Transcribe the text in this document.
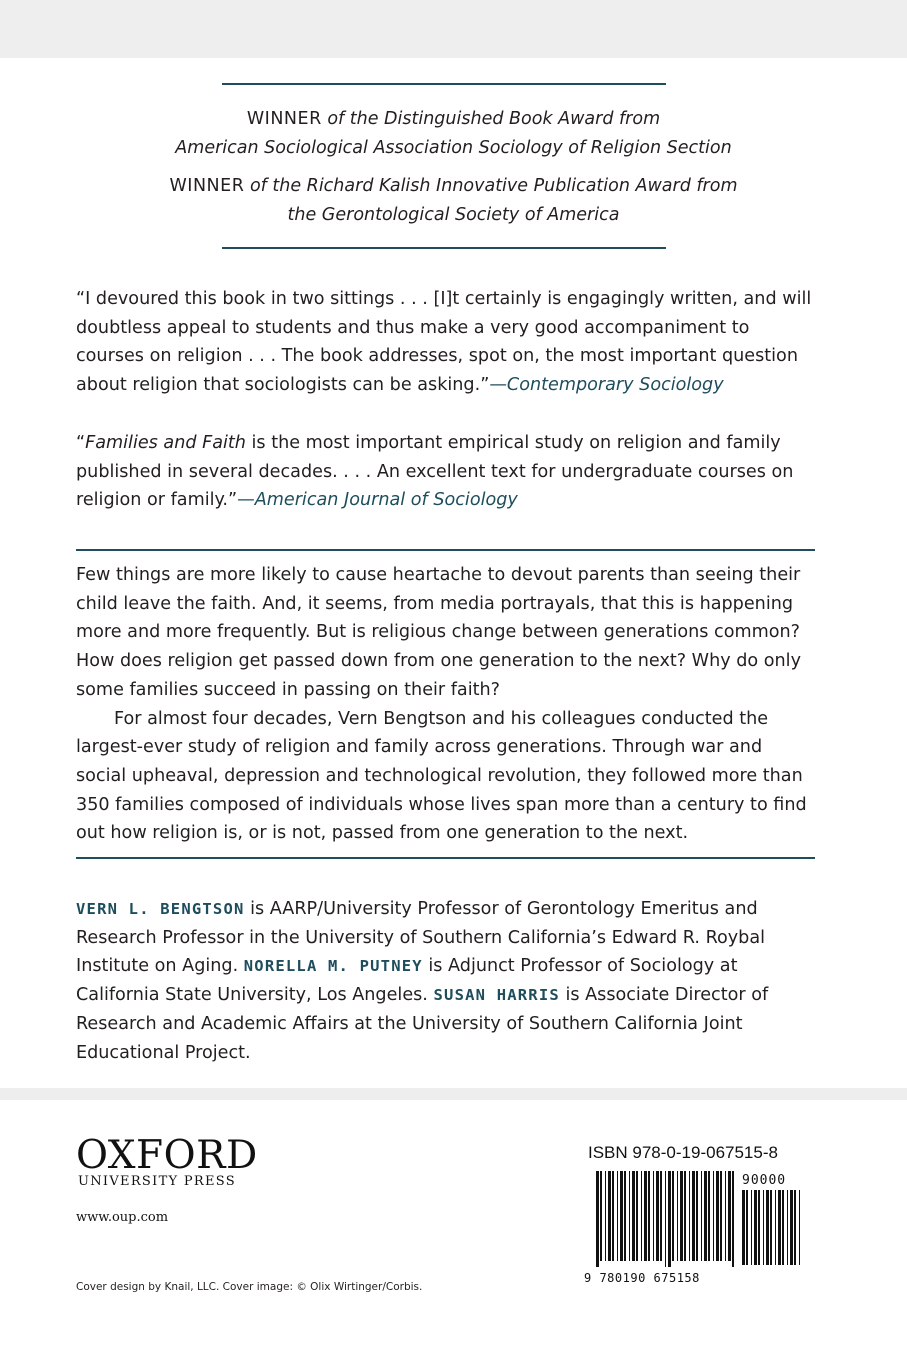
WINNER of the Distinguished Book Award from
American Sociological Association Sociology of Religion Section
WINNER of the Richard Kalish Innovative Publication Award from
the Gerontological Society of America
“I devoured this book in two sittings . . . [I]t certainly is engagingly written, and will doubtless appeal to students and thus make a very good accompaniment to courses on religion . . . The book addresses, spot on, the most important question about religion that sociologists can be asking.”—Contemporary Sociology
“Families and Faith is the most important empirical study on religion and family published in several decades. . . . An excellent text for undergraduate courses on religion or family.”—American Journal of Sociology
Few things are more likely to cause heartache to devout parents than seeing their child leave the faith. And, it seems, from media portrayals, that this is happening more and more frequently. But is religious change between generations common? How does religion get passed down from one generation to the next? Why do only some families succeed in passing on their faith?
For almost four decades, Vern Bengtson and his colleagues conducted the largest-ever study of religion and family across generations. Through war and social upheaval, depression and technological revolution, they followed more than 350 families composed of individuals whose lives span more than a century to find out how religion is, or is not, passed from one generation to the next.
VERN L. BENGTSON is AARP/University Professor of Gerontology Emeritus and Research Professor in the University of Southern California’s Edward R. Roybal Institute on Aging. NORELLA M. PUTNEY is Adjunct Professor of Sociology at California State University, Los Angeles. SUSAN HARRIS is Associate Director of Research and Academic Affairs at the University of Southern California Joint Educational Project.
OXFORD
UNIVERSITY PRESS
www.oup.com
Cover design by Knail, LLC. Cover image: © Olix Wirtinger/Corbis.
ISBN 978-0-19-067515-8
90000
9 780190 675158
